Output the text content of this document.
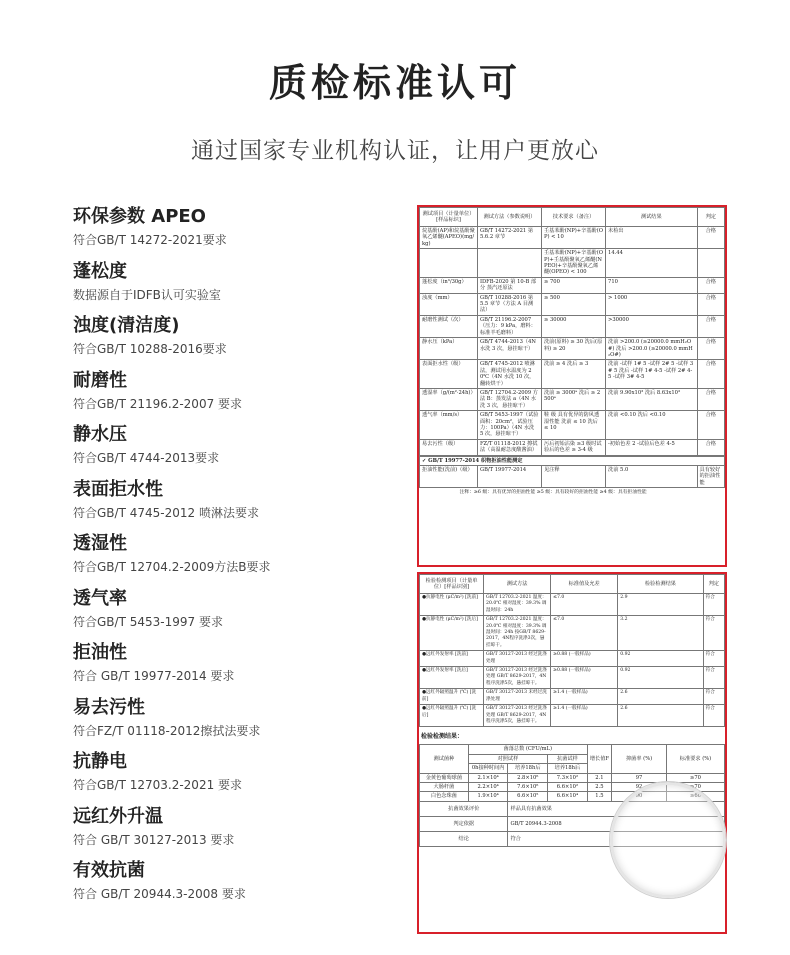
质检标准认可
通过国家专业机构认证，让用户更放心
环保参数 APEO
符合GB/T 14272-2021要求
蓬松度
数据源自于IDFB认可实验室
浊度(清洁度)
符合GB/T 10288-2016要求
耐磨性
符合GB/T 21196.2-2007 要求
静水压
符合GB/T 4744-2013要求
表面拒水性
符合GB/T 4745-2012 喷淋法要求
透湿性
符合GB/T 12704.2-2009方法B要求
透气率
符合GB/T 5453-1997 要求
拒油性
符合 GB/T 19977-2014 要求
易去污性
符合FZ/T 01118-2012擦拭法要求
抗静电
符合GB/T 12703.2-2021 要求
远红外升温
符合 GB/T 30127-2013 要求
有效抗菌
符合 GB/T 20944.3-2008 要求
测试项目（计量单位）[样品标识]	测试方法（参数说明）	技术要求（备注）	测试结果	判定
烷基酚(AP)和烷基酚聚氧乙烯醚(APEO)(mg/kg)	GB/T 14272-2021 第 5.6.2 章节	壬基苯酚(NP)+辛基酚(OP) < 10	未检出	合格
		壬基苯酚(NP)+辛基酚(OP)+壬基酚聚氧乙烯醚(NPEO)+辛基酚聚氧乙烯醚(OPEO) < 100	14.44	
蓬松度（in³/30g）	IDFB-2020 第 10-B 部分 蒸汽还原法	≥ 700	710	合格
浊度（mm）	GB/T 10288-2016 第 5.5 章节（方法 A 目测法）	≥ 500	> 1000	合格
耐磨性测试（次）	GB/T 21196.2-2007（压力：9 kPa，磨料：标准羊毛磨料）	≥ 30000	>30000	合格
静水压（kPa）	GB/T 4744-2013（4N 水洗 3 次，悬挂晾干）	洗前(原料) ≥ 30 洗后(原料) ≥ 20	洗前 >200.0 (≥20000.0 mmH₂O#) 洗后 >200.0 (≥20000.0 mmH₂O#)	合格
表面拒水性（级）	GB/T 4745-2012 喷淋法，测试用水温度为 20℃（4N 水洗 10 次，翻转烘干）	洗前 ≥ 4 洗后 ≥ 3	洗前 -试样 1# 5 -试样 2# 5 -试样 3# 5 洗后 -试样 1# 4-5 -试样 2# 4-5 -试样 3# 4-5	合格
透湿率（g/(m²·24h)）	GB/T 12704.2-2009 方法 B：蒸发法 a（4N 水洗 3 次，悬挂晾干）	洗前 ≥ 3000ᵃ 洗后 ≥ 2500ᵃ	洗前 9.90x10³ 洗后 8.63x10³	合格
透气率（mm/s）	GB/T 5453-1997（试验面积：20cm²，试验压力：100Pa）（4N 水洗 5 次，悬挂晾干）	鞋 级 具有优异的防风透湿性能 洗前 ≤ 10 洗后 ≤ 10	洗前 <0.10 洗后 <0.10	合格
易去污性（级）	FZ/T 01118-2012 擦拭法（高温耐急度酸酱油）	污后初始沾染 ≥3 级时试验后的色差 ≥ 3-4 级	-初始色差 2 -试验后色差 4-5	合格
✓ GB/T 19977-2014 织物拒油性能测定
拒油性能(洗前)（级）	GB/T 19977-2014	见注释	洗前 5.0	具有较好的拒油性能
注释：≥6 级：具有优异的拒油性能 ≥5 级：具有较好的拒油性能 ≥4 级：具有拒油性能
检验检测项目（计量单位）[样品识别]	测试方法	标准值及允差	检验检测结果	判定
●抗静电性 (μC/m²) [洗前]	GB/T 12703.2-2021 温度：20.0℃ 相对湿度：39.3% 调湿时间：24h	≤7.0	2.9	符合
●抗静电性 (μC/m²) [洗后]	GB/T 12703.2-2021 温度：20.0℃ 相对湿度：39.3% 调湿时间：24h 按GB/T 8629-2017，4N程序洗涤3次，悬挂晾干。	≤7.0	3.2	符合
●远红外发射率 [洗前]	GB/T 30127-2013 经过洗涤处理	≥0.88 (一般样品)	0.92	符合
●远红外发射率 [洗后]	GB/T 30127-2013 经过洗涤处理 GB/T 8629-2017，4N程序洗涤5次，悬挂晾干。	≥0.88 (一般样品)	0.92	符合
●远红外辐照温升 (℃) [洗前]	GB/T 30127-2013 未经过洗涤处理	≥1.4 (一般样品)	2.6	符合
●远红外辐照温升 (℃) [洗后]	GB/T 30127-2013 经过洗涤处理 GB/T 8629-2017，4N程序洗涤5次，悬挂晾干。	≥1.4 (一般样品)	2.6	符合
检验检测结果：
测试菌种	菌落总数 (CFU/mL)			增长值F	抑菌率 (%)	标准要求 (%)
	对照试样		抗菌试样			
	0h接种时间内	培养18h后	培养18h后			
金黄色葡萄球菌	2.1×10⁴	2.8×10⁶	7.3×10²	2.1	97	≥70
大肠杆菌	2.2×10⁴	7.6×10⁶	6.6×10²	2.5	92	≥70
白色念珠菌	1.9×10⁴	6.6×10⁵	6.6×10⁴	1.5	90	≥60
抗菌效果评价		样品具有抗菌效果				
判定依据		GB/T 20944.3-2008				
结论		符合				
